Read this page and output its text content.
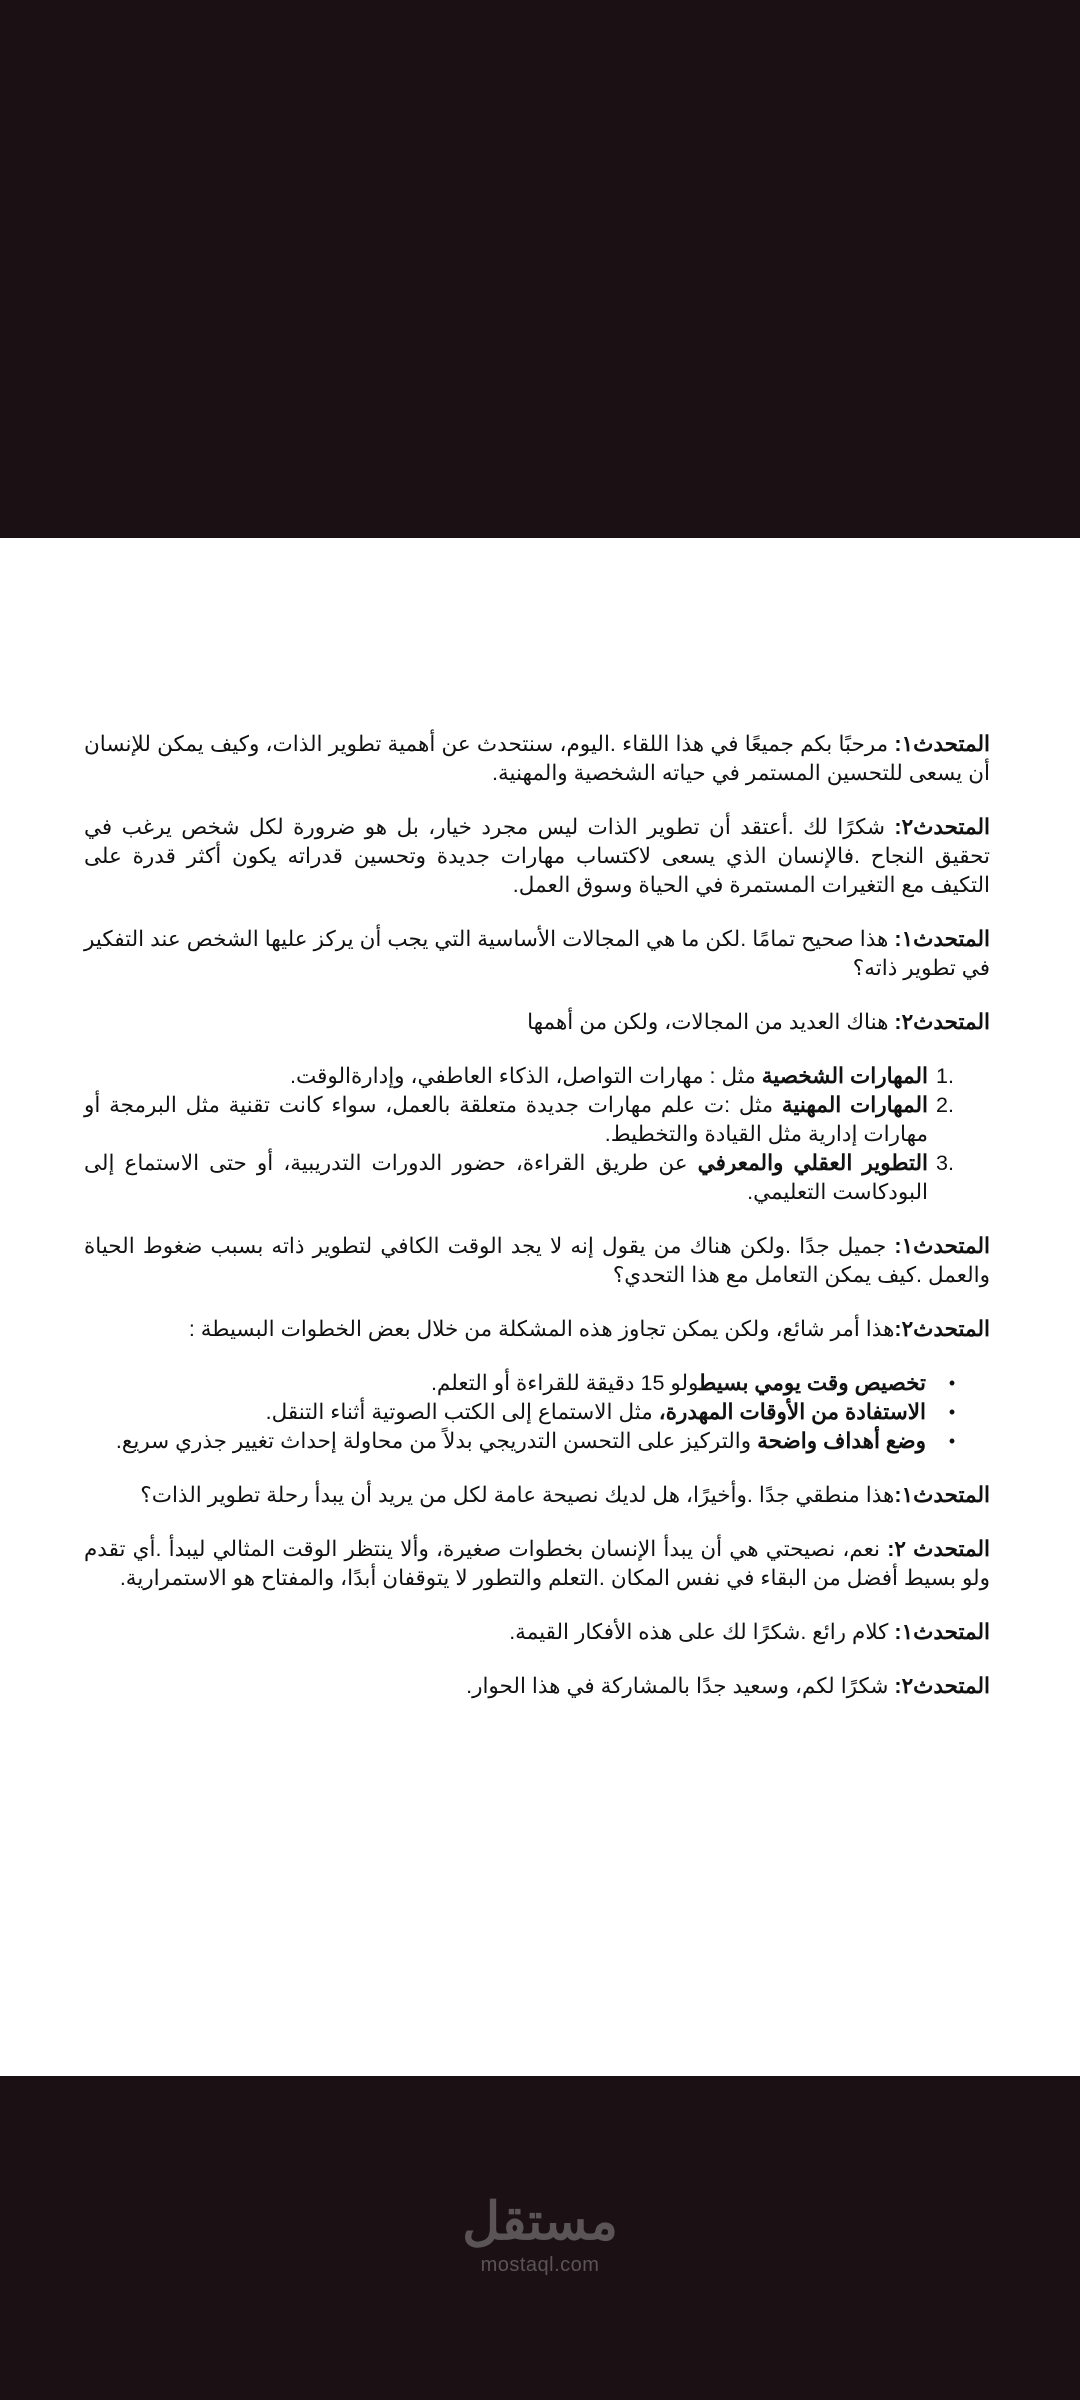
المتحدث١: مرحبًا بكم جميعًا في هذا اللقاء .اليوم، سنتحدث عن أهمية تطوير الذات، وكيف يمكن للإنسان أن يسعى للتحسين المستمر في حياته الشخصية والمهنية.

المتحدث٢: شكرًا لك .أعتقد أن تطوير الذات ليس مجرد خيار، بل هو ضرورة لكل شخص يرغب في تحقيق النجاح .فالإنسان الذي يسعى لاكتساب مهارات جديدة وتحسين قدراته يكون أكثر قدرة على التكيف مع التغيرات المستمرة في الحياة وسوق العمل.

المتحدث١: هذا صحيح تمامًا .لكن ما هي المجالات الأساسية التي يجب أن يركز عليها الشخص عند التفكير في تطوير ذاته؟

المتحدث٢: هناك العديد من المجالات، ولكن من أهمها

1.
المهارات الشخصية مثل : مهارات التواصل، الذكاء العاطفي، وإدارةالوقت.
2.
المهارات المهنية مثل :ت علم مهارات جديدة متعلقة بالعمل، سواء كانت تقنية مثل البرمجة أو مهارات إدارية مثل القيادة والتخطيط.
3.
التطوير العقلي والمعرفي عن طريق القراءة، حضور الدورات التدريبية، أو حتى الاستماع إلى البودكاست التعليمي.

المتحدث١: جميل جدًا .ولكن هناك من يقول إنه لا يجد الوقت الكافي لتطوير ذاته بسبب ضغوط الحياة والعمل .كيف يمكن التعامل مع هذا التحدي؟

المتحدث٢:هذا أمر شائع، ولكن يمكن تجاوز هذه المشكلة من خلال بعض الخطوات البسيطة :

•
تخصيص وقت يومي بسيطولو 15 دقيقة للقراءة أو التعلم.
•
الاستفادة من الأوقات المهدرة، مثل الاستماع إلى الكتب الصوتية أثناء التنقل.
•
وضع أهداف واضحة والتركيز على التحسن التدريجي بدلاً من محاولة إحداث تغيير جذري سريع.

المتحدث١:هذا منطقي جدًا .وأخيرًا، هل لديك نصيحة عامة لكل من يريد أن يبدأ رحلة تطوير الذات؟

المتحدث ٢: نعم، نصيحتي هي أن يبدأ الإنسان بخطوات صغيرة، وألا ينتظر الوقت المثالي ليبدأ .أي تقدم ولو بسيط أفضل من البقاء في نفس المكان .التعلم والتطور لا يتوقفان أبدًا، والمفتاح هو الاستمرارية.

المتحدث١: كلام رائع .شكرًا لك على هذه الأفكار القيمة.

المتحدث٢: شكرًا لكم، وسعيد جدًا بالمشاركة في هذا الحوار.

مستقل
mostaql.com
